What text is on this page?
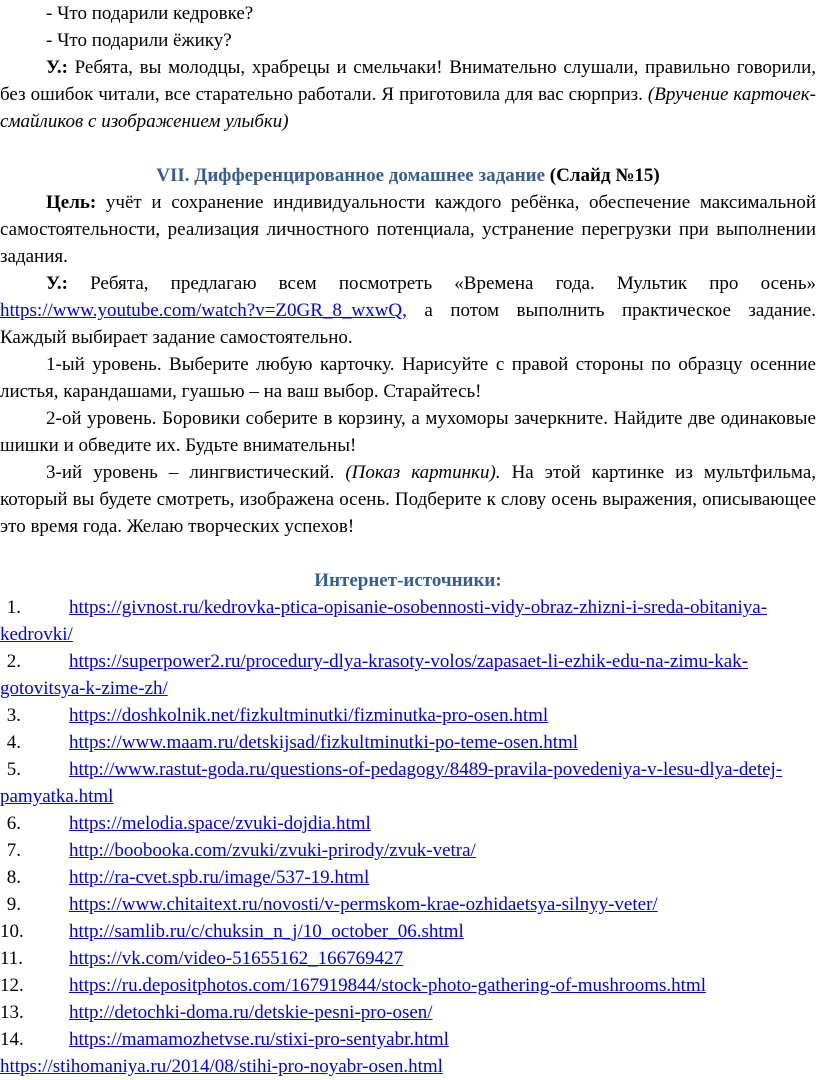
- Что подарили кедровке?

- Что подарили ёжику?

У.: Ребята, вы молодцы, храбрецы и смельчаки! Внимательно слушали, правильно говорили, без ошибок читали, все старательно работали. Я приготовила для вас сюрприз. (Вручение карточек-смайликов с изображением улыбки)

VII. Дифференцированное домашнее задание (Слайд №15)

Цель: учёт и сохранение индивидуальности каждого ребёнка, обеспечение максимальной самостоятельности, реализация личностного потенциала, устранение перегрузки при выполнении задания.

У.: Ребята, предлагаю всем посмотреть «Времена года. Мультик про осень» https://www.youtube.com/watch?v=Z0GR_8_wxwQ, а потом выполнить практическое задание. Каждый выбирает задание самостоятельно.

1-ый уровень. Выберите любую карточку. Нарисуйте с правой стороны по образцу осенние листья, карандашами, гуашью – на ваш выбор. Старайтесь!

2-ой уровень. Боровики соберите в корзину, а мухоморы зачеркните. Найдите две одинаковые шишки и обведите их. Будьте внимательны!

3-ий уровень – лингвистический. (Показ картинки). На этой картинке из мультфильма, который вы будете смотреть, изображена осень. Подберите к слову осень выражения, описывающее это время года. Желаю творческих успехов!

Интернет-источники:

1.	https://givnost.ru/kedrovka-ptica-opisanie-osobennosti-vidy-obraz-zhizni-i-sreda-obitaniya-kedrovki/
2.	https://superpower2.ru/procedury-dlya-krasoty-volos/zapasaet-li-ezhik-edu-na-zimu-kak-gotovitsya-k-zime-zh/
3.	https://doshkolnik.net/fizkultminutki/fizminutka-pro-osen.html
4.	https://www.maam.ru/detskijsad/fizkultminutki-po-teme-osen.html
5.	http://www.rastut-goda.ru/questions-of-pedagogy/8489-pravila-povedeniya-v-lesu-dlya-detej-pamyatka.html
6.	https://melodia.space/zvuki-dojdia.html
7.	http://boobooka.com/zvuki/zvuki-prirody/zvuk-vetra/
8.	http://ra-cvet.spb.ru/image/537-19.html
9.	https://www.chitaitext.ru/novosti/v-permskom-krae-ozhidaetsya-silnyy-veter/
10. http://samlib.ru/c/chuksin_n_j/10_october_06.shtml
11. https://vk.com/video-51655162_166769427
12. https://ru.depositphotos.com/167919844/stock-photo-gathering-of-mushrooms.html
13. http://detochki-doma.ru/detskie-pesni-pro-osen/
14. https://mamamozhetvse.ru/stixi-pro-sentyabr.html

https://stihomaniya.ru/2014/08/stihi-pro-noyabr-osen.html
